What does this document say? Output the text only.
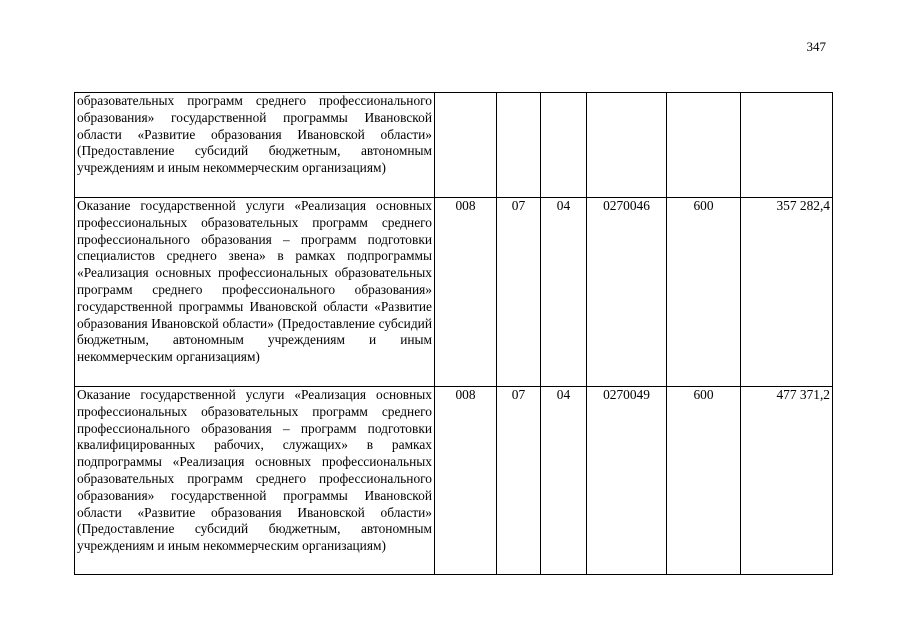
347
образовательных программ среднего профессионального образования» государственной программы Ивановской области «Развитие образования Ивановской области» (Предоставление субсидий бюджетным, автономным учреждениям и иным некоммерческим организациям)						
Оказание государственной услуги «Реализация основных профессиональных образовательных программ среднего профессионального образования – программ подготовки специалистов среднего звена» в рамках подпрограммы «Реализация основных профессиональных образовательных программ среднего профессионального образования» государственной программы Ивановской области «Развитие образования Ивановской области» (Предоставление субсидий бюджетным, автономным учреждениям и иным некоммерческим организациям)	008	07	04	0270046	600	357 282,4
Оказание государственной услуги «Реализация основных профессиональных образовательных программ среднего профессионального образования – программ подготовки квалифицированных рабочих, служащих» в рамках подпрограммы «Реализация основных профессиональных образовательных программ среднего профессионального образования» государственной программы Ивановской области «Развитие образования Ивановской области» (Предоставление субсидий бюджетным, автономным учреждениям и иным некоммерческим организациям)	008	07	04	0270049	600	477 371,2
